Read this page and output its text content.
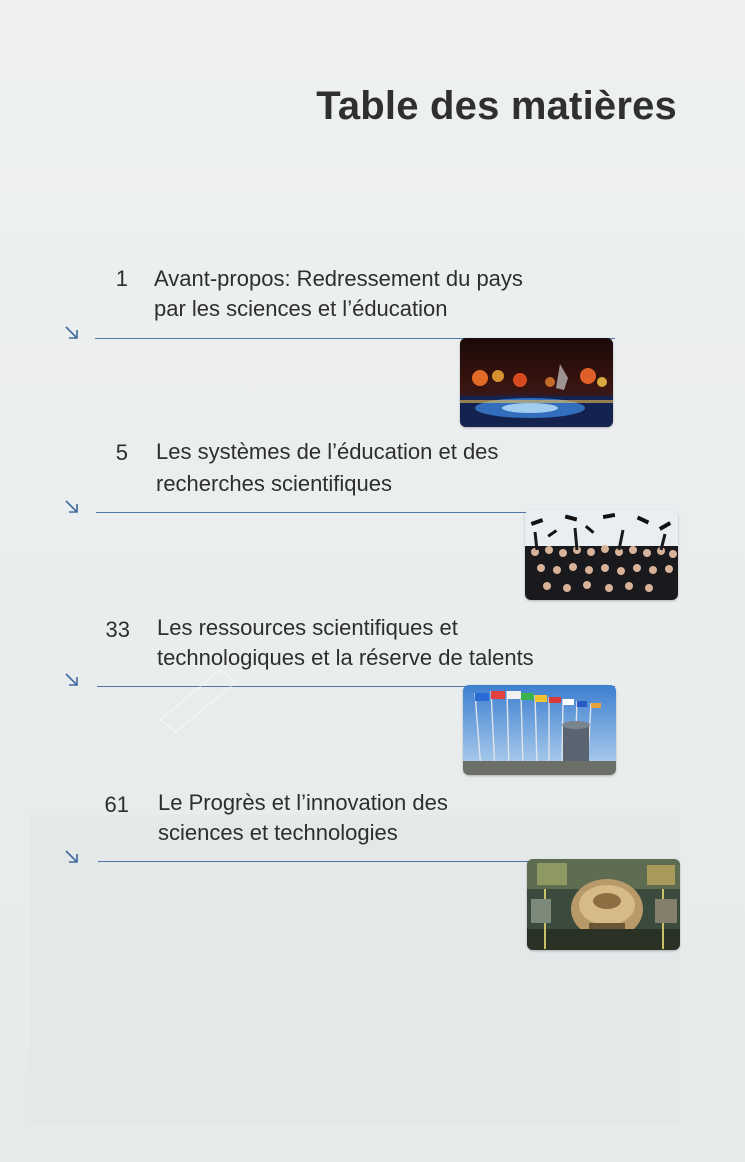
Table des matières
1 Avant-propos: Redressement du pays
par les sciences et l’éducation
5 Les systèmes de l’éducation et des
recherches scientifiques
33 Les ressources scientifiques et
technologiques et la réserve de talents
61 Le Progrès et l’innovation des
sciences et technologies
